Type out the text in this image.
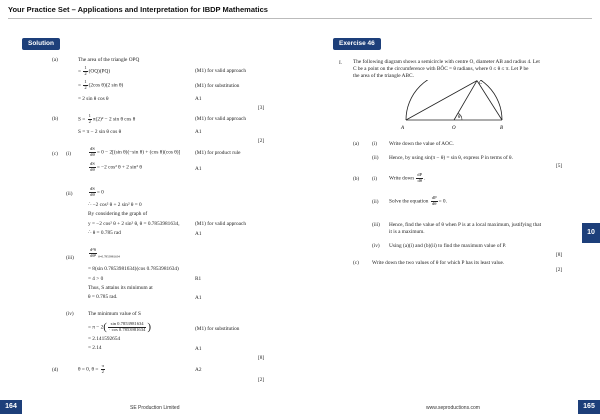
Your Practice Set – Applications and Interpretation for IBDP Mathematics
Solution
(a)	The area of the triangle OPQ
= $\frac{1}{2} (OQ)(PQ)$	(M1) for valid approach
= $\frac{1}{2} (2\cos$ θ)(2 sin θ)	(M1) for substitution
= 2 sin θ cos θ	A1
[3]
(b)	$S = \frac{1}{2} \pi(2)^2 - 2$ sin θ cos θ	(M1) for valid approach
S = π − 2 sin θ cos θ	A1
[2]
(c) (i)	$\frac{dS}{d\theta} = 0 - 2[(\sin$ θ)(−sin θ) + (cos θ)(cos θ)]	(M1) for product rule
$\frac{dS}{d\theta} = -2$ cos² θ + 2 sin² θ	A1
(ii)	$\frac{dS}{d\theta} = 0$
∴ −2 cos² θ + 2 sin² θ = 0
By considering the graph of
y = −2 cos² θ + 2 sin² θ, θ = 0.7853981634,	(M1) for valid approach
∴ θ = 0.785 rad	A1
(iii)	$\frac{\text{d²S}}{\text{dθ²}} _{\theta=0.7853981634}$
= 8(sin 0.7853981634)(cos 0.7853981634)
= 4 > 0	R1
Thus, S attains its minimum at
θ = 0.785 rad.	A1
(iv)	The minimum value of S
= $\pi - 2( \frac{\sin 0.7853981634}{\cdot \cos 0.7853981634}$ )	(M1) for substitution
= 2.141592654
= 2.14	A1
[8]
(d)	θ = 0, $\theta = \frac{\pi}{2}$	A2
[2]
164	SE Production Limited
Exercise 46
I. The following diagram shows a semicircle with centre O, diameter AB and radius 4. Let
C be a point on the circumference with BÔC = θ radians, where 0 ≤ θ ≤ π. Let P be
the area of the triangle ABC.
θ
A	O	B
C
(a) (i) Write down the value of AOC.
(ii) Hence, by using sin(π − θ) = sin θ, express P in terms of θ.
[5]
(b) (i) Write down $\frac{dP}{d\theta}$ .
(ii) Solve the equation $\frac{dP}{d\theta} = 0$.
(iii) Hence, find the value of θ when P is at a local maximum, justifying that
it is a maximum.
(iv) Using (a)(i) and (b)(ii) to find the maximum value of P.
[8]
(c) Write down the two values of θ for which P has its least value.
[2]
10
165
www.seproductions.com
